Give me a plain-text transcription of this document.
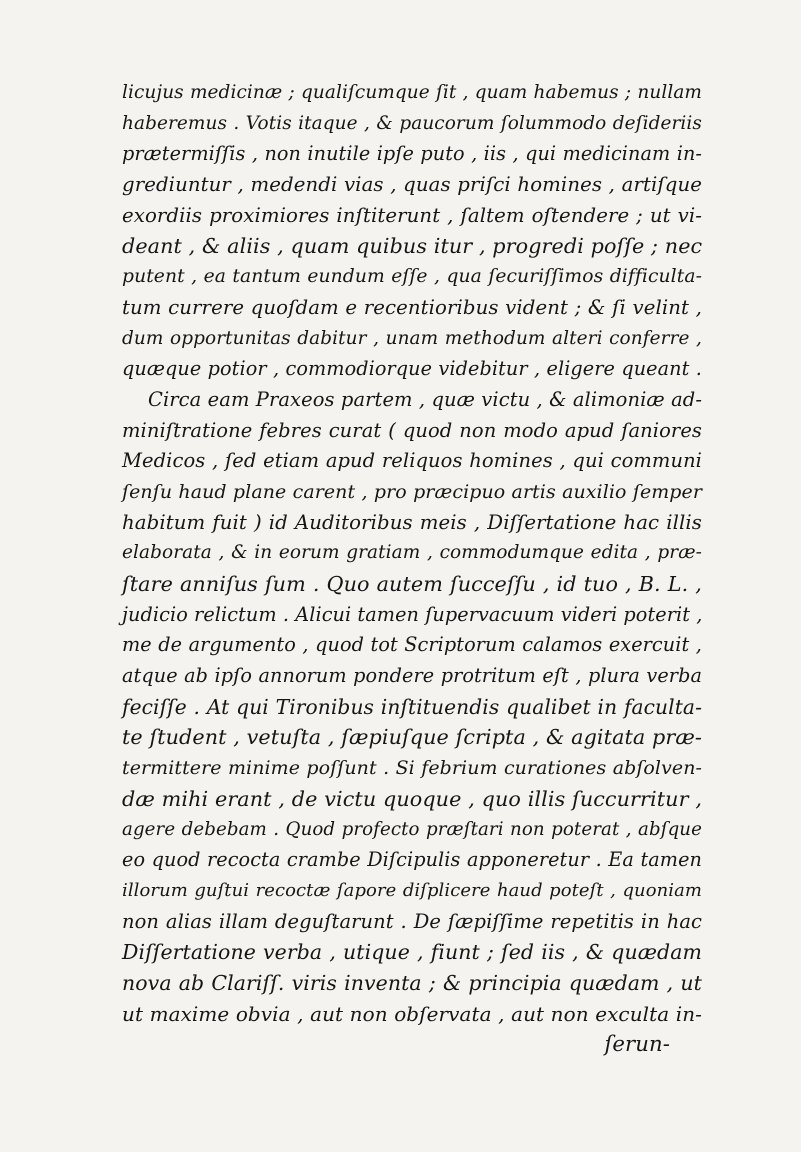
licujus medicinæ ; qualiſcumque ſit , quam habemus ; nullam
haberemus . Votis itaque , & paucorum ſolummodo deſideriis
prætermiſſis , non inutile ipſe puto , iis , qui medicinam in-
grediuntur , medendi vias , quas priſci homines , artiſque
exordiis proximiores inſtiterunt , ſaltem oſtendere ; ut vi-
deant , & aliis , quam quibus itur , progredi poſſe ; nec
putent , ea tantum eundum eſſe , qua ſecuriſſimos difficulta-
tum currere quoſdam e recentioribus vident ; & ſi velint ,
dum opportunitas dabitur , unam methodum alteri conferre ,
quæque potior , commodiorque videbitur , eligere queant .
Circa eam Praxeos partem , quæ victu , & alimoniæ ad-
miniſtratione febres curat ( quod non modo apud ſaniores
Medicos , ſed etiam apud reliquos homines , qui communi
ſenſu haud plane carent , pro præcipuo artis auxilio ſemper
habitum fuit ) id Auditoribus meis , Diſſertatione hac illis
elaborata , & in eorum gratiam , commodumque edita , præ-
ſtare anniſus ſum . Quo autem ſucceſſu , id tuo , B. L. ,
judicio relictum . Alicui tamen ſupervacuum videri poterit ,
me de argumento , quod tot Scriptorum calamos exercuit ,
atque ab ipſo annorum pondere protritum eſt , plura verba
feciſſe . At qui Tironibus inſtituendis qualibet in faculta-
te ſtudent , vetuſta , ſæpiuſque ſcripta , & agitata præ-
termittere minime poſſunt . Si febrium curationes abſolven-
dæ mihi erant , de victu quoque , quo illis ſuccurritur ,
agere debebam . Quod profecto præſtari non poterat , abſque
eo quod recocta crambe Diſcipulis apponeretur . Ea tamen
illorum guſtui recoctæ ſapore diſplicere haud poteſt , quoniam
non alias illam deguſtarunt . De ſæpiſſime repetitis in hac
Diſſertatione verba , utique , fiunt ; ſed iis , & quædam
nova ab Clariſſ. viris inventa ; & principia quædam , ut
ut maxime obvia , aut non obſervata , aut non exculta in-
ſerun-
